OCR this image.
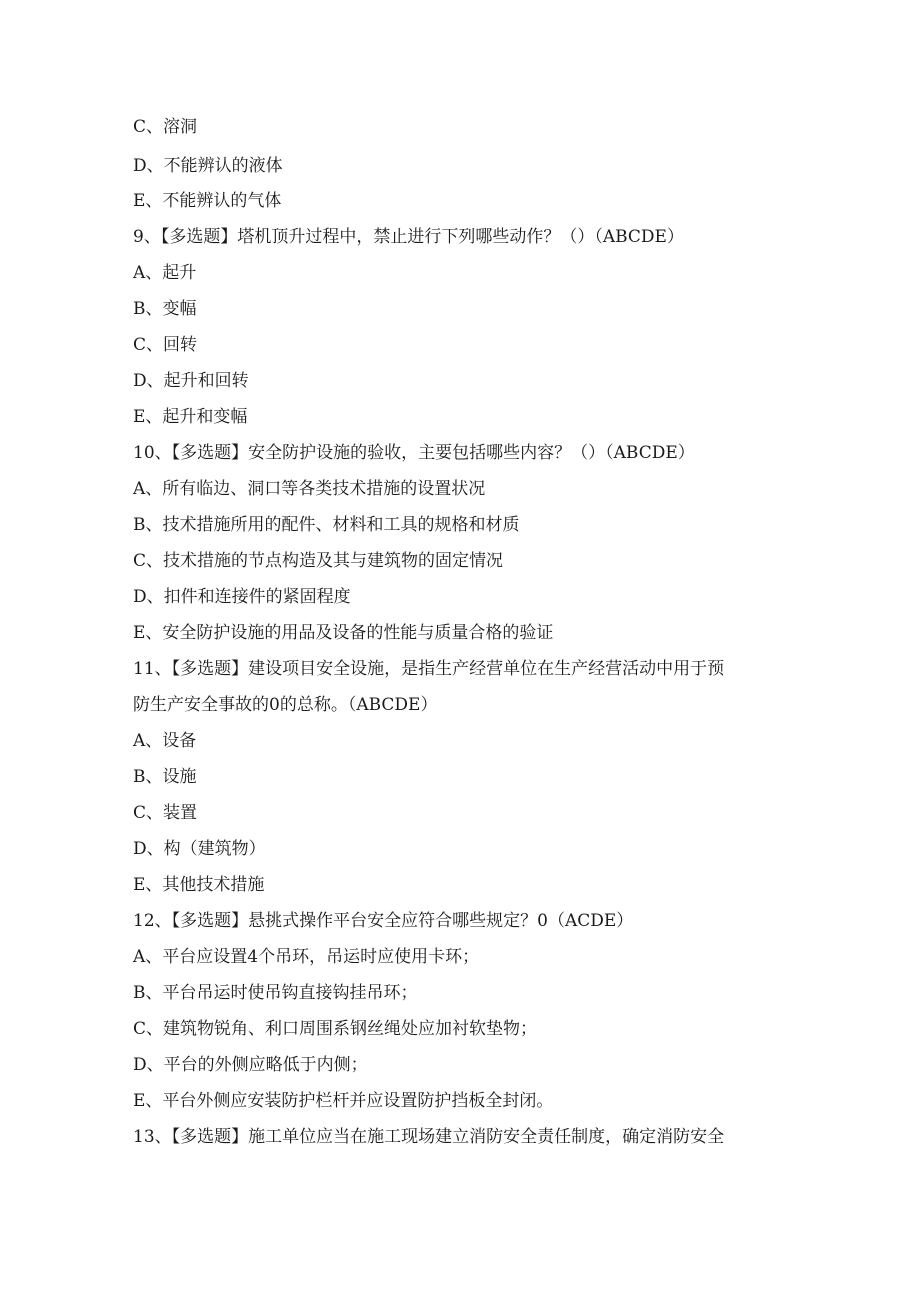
C、溶洞
D、不能辨认的液体
E、不能辨认的气体
9、【多选题】塔机顶升过程中，禁止进行下列哪些动作？（）（ABCDE）
A、起升
B、变幅
C、回转
D、起升和回转
E、起升和变幅
10、【多选题】安全防护设施的验收，主要包括哪些内容？（）（ABCDE）
A、所有临边、洞口等各类技术措施的设置状况
B、技术措施所用的配件、材料和工具的规格和材质
C、技术措施的节点构造及其与建筑物的固定情况
D、扣件和连接件的紧固程度
E、安全防护设施的用品及设备的性能与质量合格的验证
11、【多选题】建设项目安全设施，是指生产经营单位在生产经营活动中用于预
防生产安全事故的0的总称。（ABCDE）
A、设备
B、设施
C、装置
D、构（建筑物）
E、其他技术措施
12、【多选题】悬挑式操作平台安全应符合哪些规定？0（ACDE）
A、平台应设置4个吊环，吊运时应使用卡环；
B、平台吊运时使吊钩直接钩挂吊环；
C、建筑物锐角、利口周围系钢丝绳处应加衬软垫物；
D、平台的外侧应略低于内侧；
E、平台外侧应安装防护栏杆并应设置防护挡板全封闭。
13、【多选题】施工单位应当在施工现场建立消防安全责任制度，确定消防安全
